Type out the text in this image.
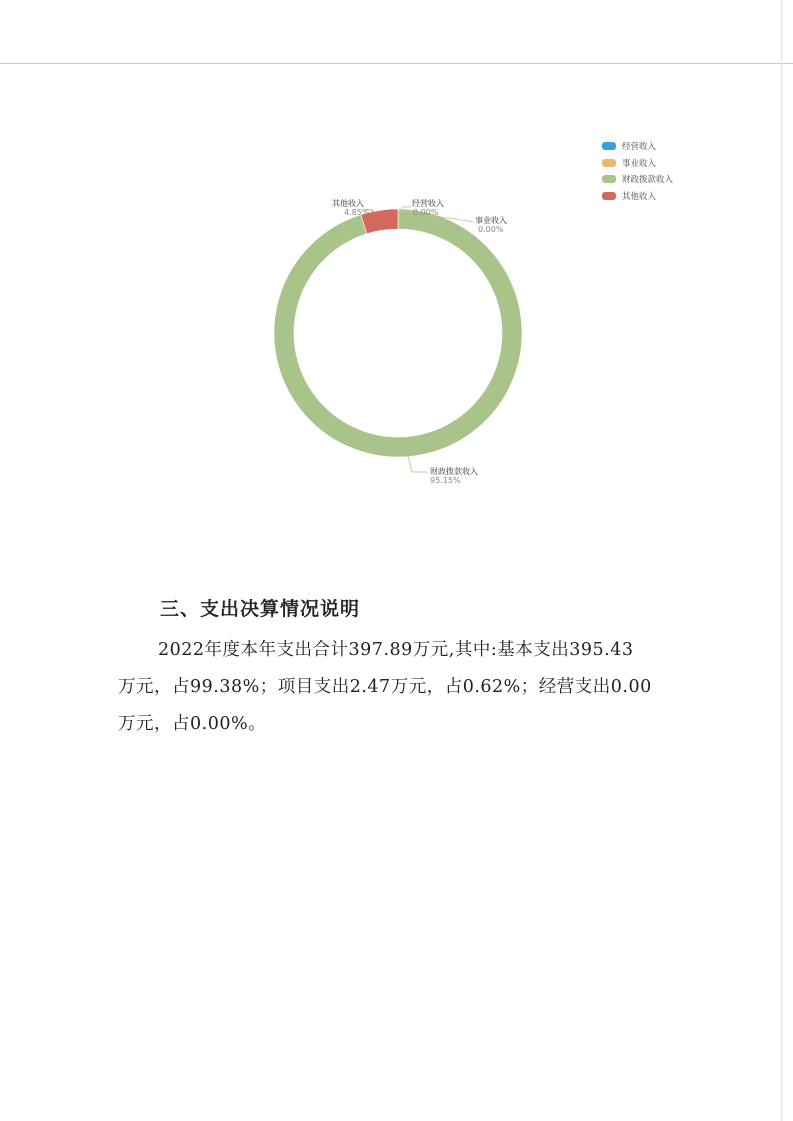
经营收入
事业收入
财政拨款收入
其他收入
其他收入
4.85%
经营收入
0.00%
事业收入
0.00%
财政拨款收入
95.15%
三、支出决算情况说明
2022年度本年支出合计397.89万元,其中:基本支出395.43
万元，占99.38%；项目支出2.47万元，占0.62%；经营支出0.00
万元，占0.00%。
